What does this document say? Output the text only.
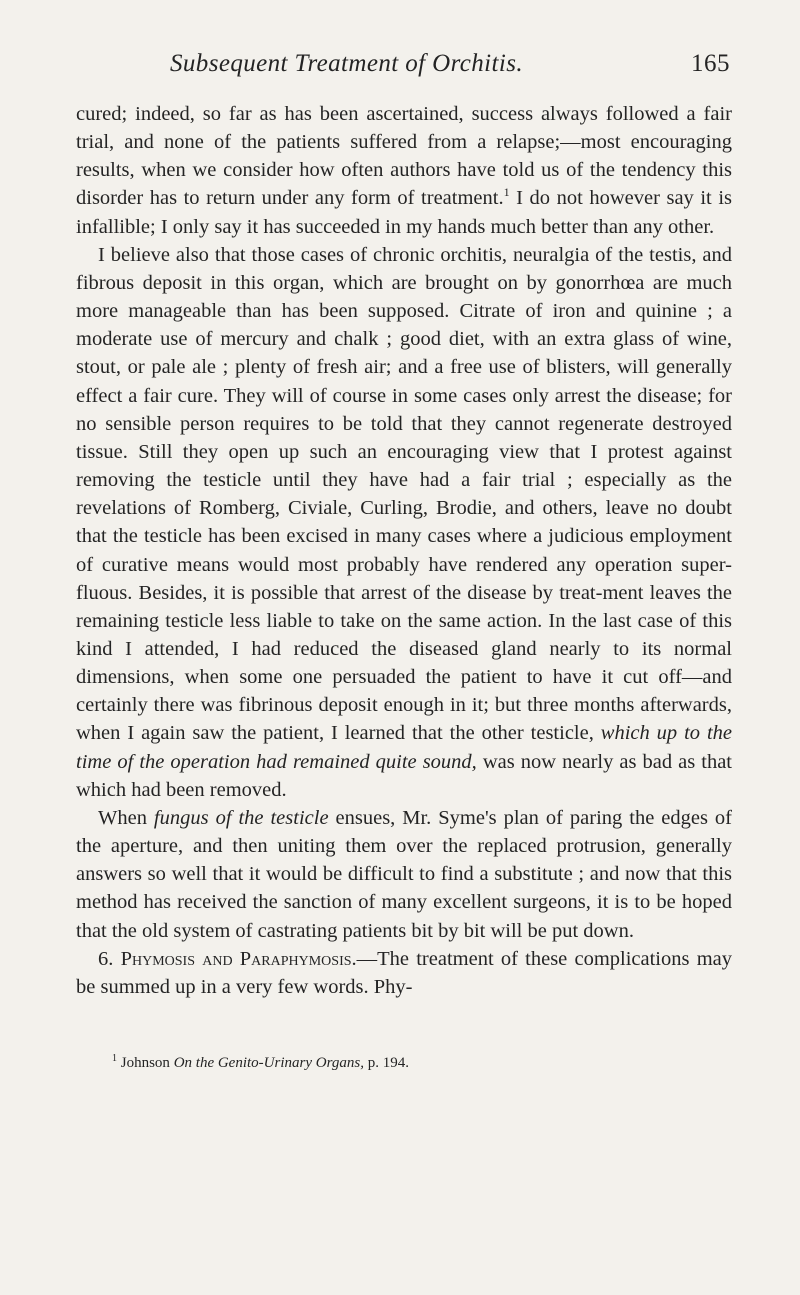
Subsequent Treatment of Orchitis.	165

cured; indeed, so far as has been ascertained, success always followed a fair trial, and none of the patients suffered from a relapse;—most encouraging results, when we consider how often authors have told us of the tendency this disorder has to return under any form of treatment.$^1$ I do not however say it is infallible; I only say it has succeeded in my hands much better than any other.

I believe also that those cases of chronic orchitis, neuralgia of the testis, and fibrous deposit in this organ, which are brought on by gonorrhœa are much more manageable than has been supposed. Citrate of iron and quinine ; a moderate use of mercury and chalk ; good diet, with an extra glass of wine, stout, or pale ale ; plenty of fresh air; and a free use of blisters, will generally effect a fair cure. They will of course in some cases only arrest the disease; for no sensible person requires to be told that they cannot regenerate destroyed tissue. Still they open up such an encouraging view that I protest against removing the testicle until they have had a fair trial ; especially as the revelations of Romberg, Civiale, Curling, Brodie, and others, leave no doubt that the testicle has been excised in many cases where a judicious employment of curative means would most probably have rendered any operation super-fluous. Besides, it is possible that arrest of the disease by treat-ment leaves the remaining testicle less liable to take on the same action. In the last case of this kind I attended, I had reduced the diseased gland nearly to its normal dimensions, when some one persuaded the patient to have it cut off—and certainly there was fibrinous deposit enough in it; but three months afterwards, when I again saw the patient, I learned that the other testicle, which up to the time of the operation had remained quite sound, was now nearly as bad as that which had been removed.

When fungus of the testicle ensues, Mr. Syme's plan of paring the edges of the aperture, and then uniting them over the replaced protrusion, generally answers so well that it would be difficult to find a substitute ; and now that this method has received the sanction of many excellent surgeons, it is to be hoped that the old system of castrating patients bit by bit will be put down.

6. Phymosis and Paraphymosis.—The treatment of these complications may be summed up in a very few words. Phy-

$^1$ Johnson On the Genito-Urinary Organs, p. 194.
